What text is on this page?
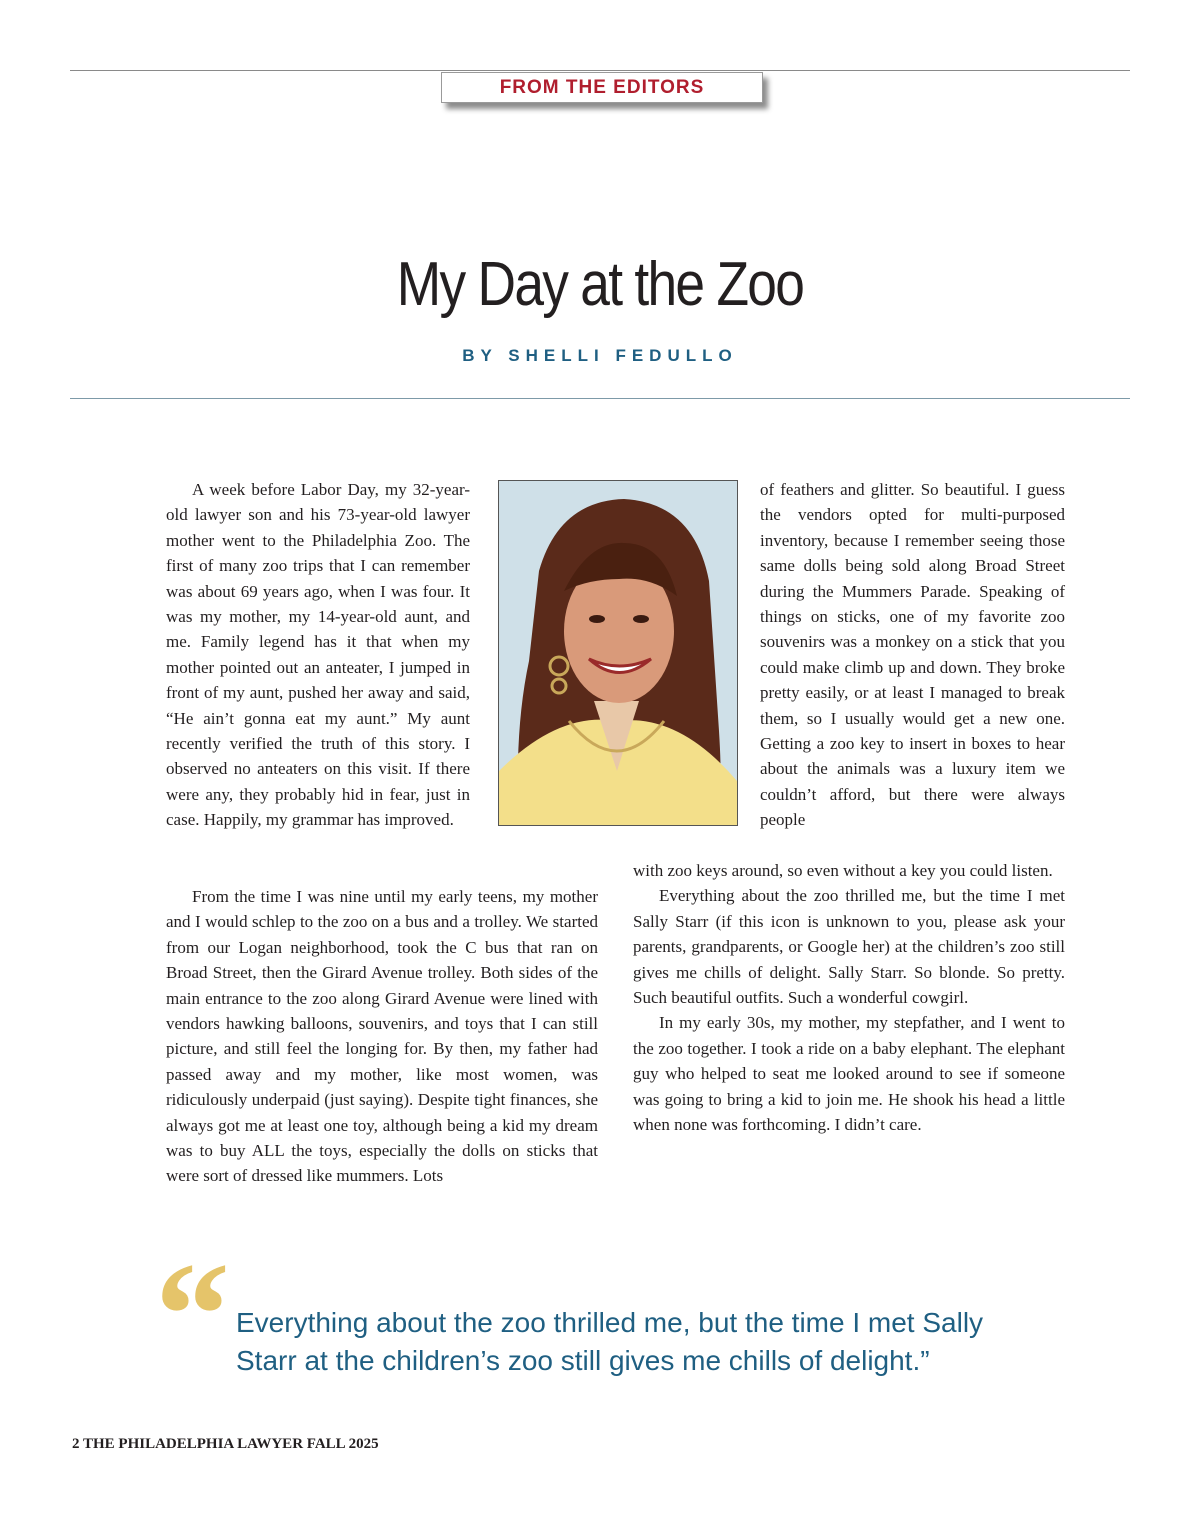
FROM THE EDITORS
My Day at the Zoo
BY SHELLI FEDULLO

A week before Labor Day, my 32-year-old lawyer son and his 73-year-old lawyer mother went to the Philadelphia Zoo. The first of many zoo trips that I can remember was about 69 years ago, when I was four. It was my mother, my 14-year-old aunt, and me. Family legend has it that when my mother pointed out an anteater, I jumped in front of my aunt, pushed her away and said, “He ain’t gonna eat my aunt.” My aunt recently verified the truth of this story. I observed no anteaters on this visit. If there were any, they probably hid in fear, just in case. Happily, my grammar has improved.

of feathers and glitter. So beautiful. I guess the vendors opted for multi-purposed inventory, because I remember seeing those same dolls being sold along Broad Street during the Mummers Parade. Speaking of things on sticks, one of my favorite zoo souvenirs was a monkey on a stick that you could make climb up and down. They broke pretty easily, or at least I managed to break them, so I usually would get a new one. Getting a zoo key to insert in boxes to hear about the animals was a luxury item we couldn’t afford, but there were always people

From the time I was nine until my early teens, my mother and I would schlep to the zoo on a bus and a trolley. We started from our Logan neighborhood, took the C bus that ran on Broad Street, then the Girard Avenue trolley. Both sides of the main entrance to the zoo along Girard Avenue were lined with vendors hawking balloons, souvenirs, and toys that I can still picture, and still feel the longing for. By then, my father had passed away and my mother, like most women, was ridiculously underpaid (just saying). Despite tight finances, she always got me at least one toy, although being a kid my dream was to buy ALL the toys, especially the dolls on sticks that were sort of dressed like mummers. Lots

with zoo keys around, so even without a key you could listen.

Everything about the zoo thrilled me, but the time I met Sally Starr (if this icon is unknown to you, please ask your parents, grandparents, or Google her) at the children’s zoo still gives me chills of delight. Sally Starr. So blonde. So pretty. Such beautiful outfits. Such a wonderful cowgirl.

In my early 30s, my mother, my stepfather, and I went to the zoo together. I took a ride on a baby elephant. The elephant guy who helped to seat me looked around to see if someone was going to bring a kid to join me. He shook his head a little when none was forthcoming. I didn’t care.

“ Everything about the zoo thrilled me, but the time I met Sally

Starr at the children’s zoo still gives me chills of delight.”

2 THE PHILADELPHIA LAWYER FALL 2025
